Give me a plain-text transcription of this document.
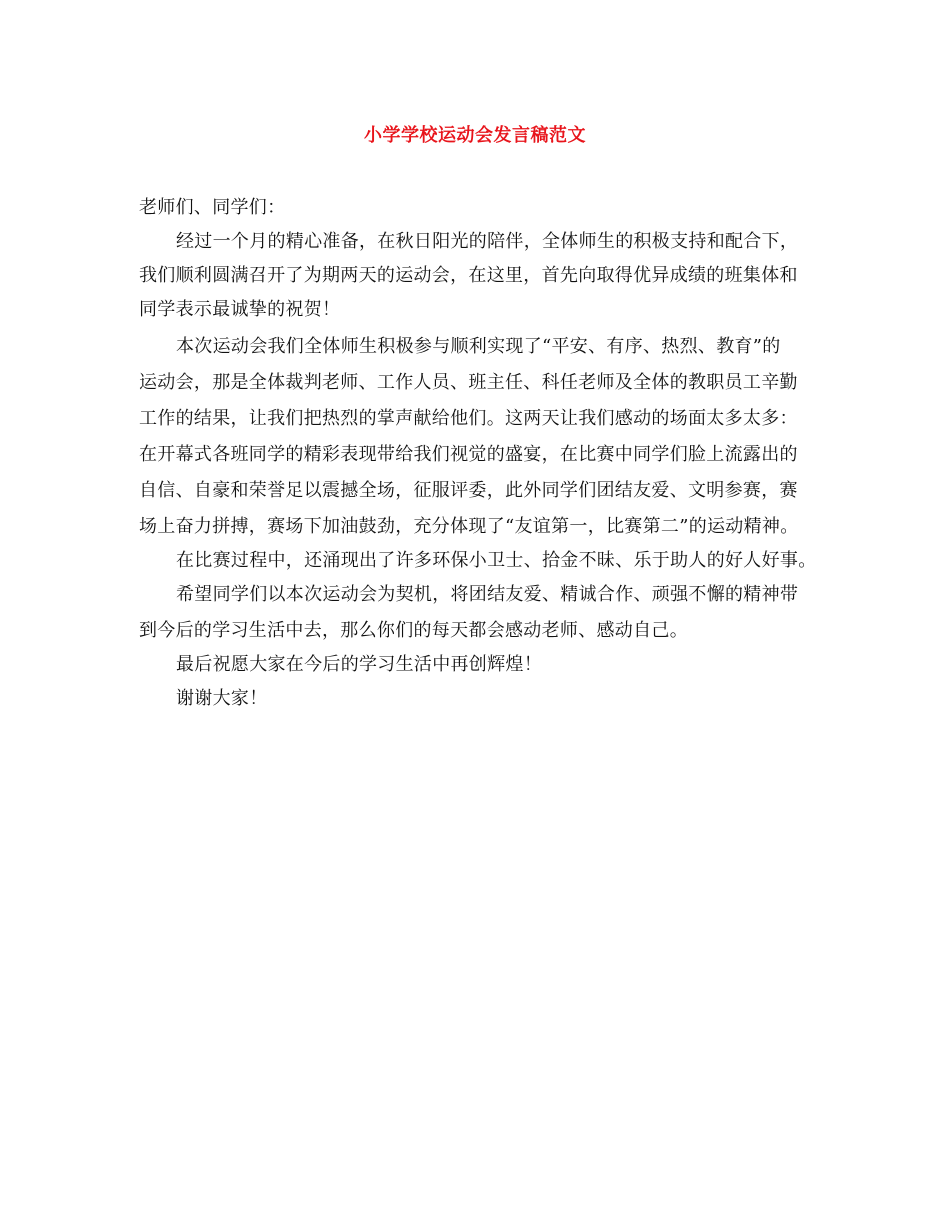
小学学校运动会发言稿范文
老师们、同学们：
经过一个月的精心准备，在秋日阳光的陪伴，全体师生的积极支持和配合下，
我们顺利圆满召开了为期两天的运动会，在这里，首先向取得优异成绩的班集体和
同学表示最诚挚的祝贺！
本次运动会我们全体师生积极参与顺利实现了“平安、有序、热烈、教育”的
运动会，那是全体裁判老师、工作人员、班主任、科任老师及全体的教职员工辛勤
工作的结果，让我们把热烈的掌声献给他们。这两天让我们感动的场面太多太多：
在开幕式各班同学的精彩表现带给我们视觉的盛宴，在比赛中同学们脸上流露出的
自信、自豪和荣誉足以震撼全场，征服评委，此外同学们团结友爱、文明参赛，赛
场上奋力拼搏，赛场下加油鼓劲，充分体现了“友谊第一，比赛第二”的运动精神。
在比赛过程中，还涌现出了许多环保小卫士、拾金不昧、乐于助人的好人好事。
希望同学们以本次运动会为契机，将团结友爱、精诚合作、顽强不懈的精神带
到今后的学习生活中去，那么你们的每天都会感动老师、感动自己。
最后祝愿大家在今后的学习生活中再创辉煌！
谢谢大家！
